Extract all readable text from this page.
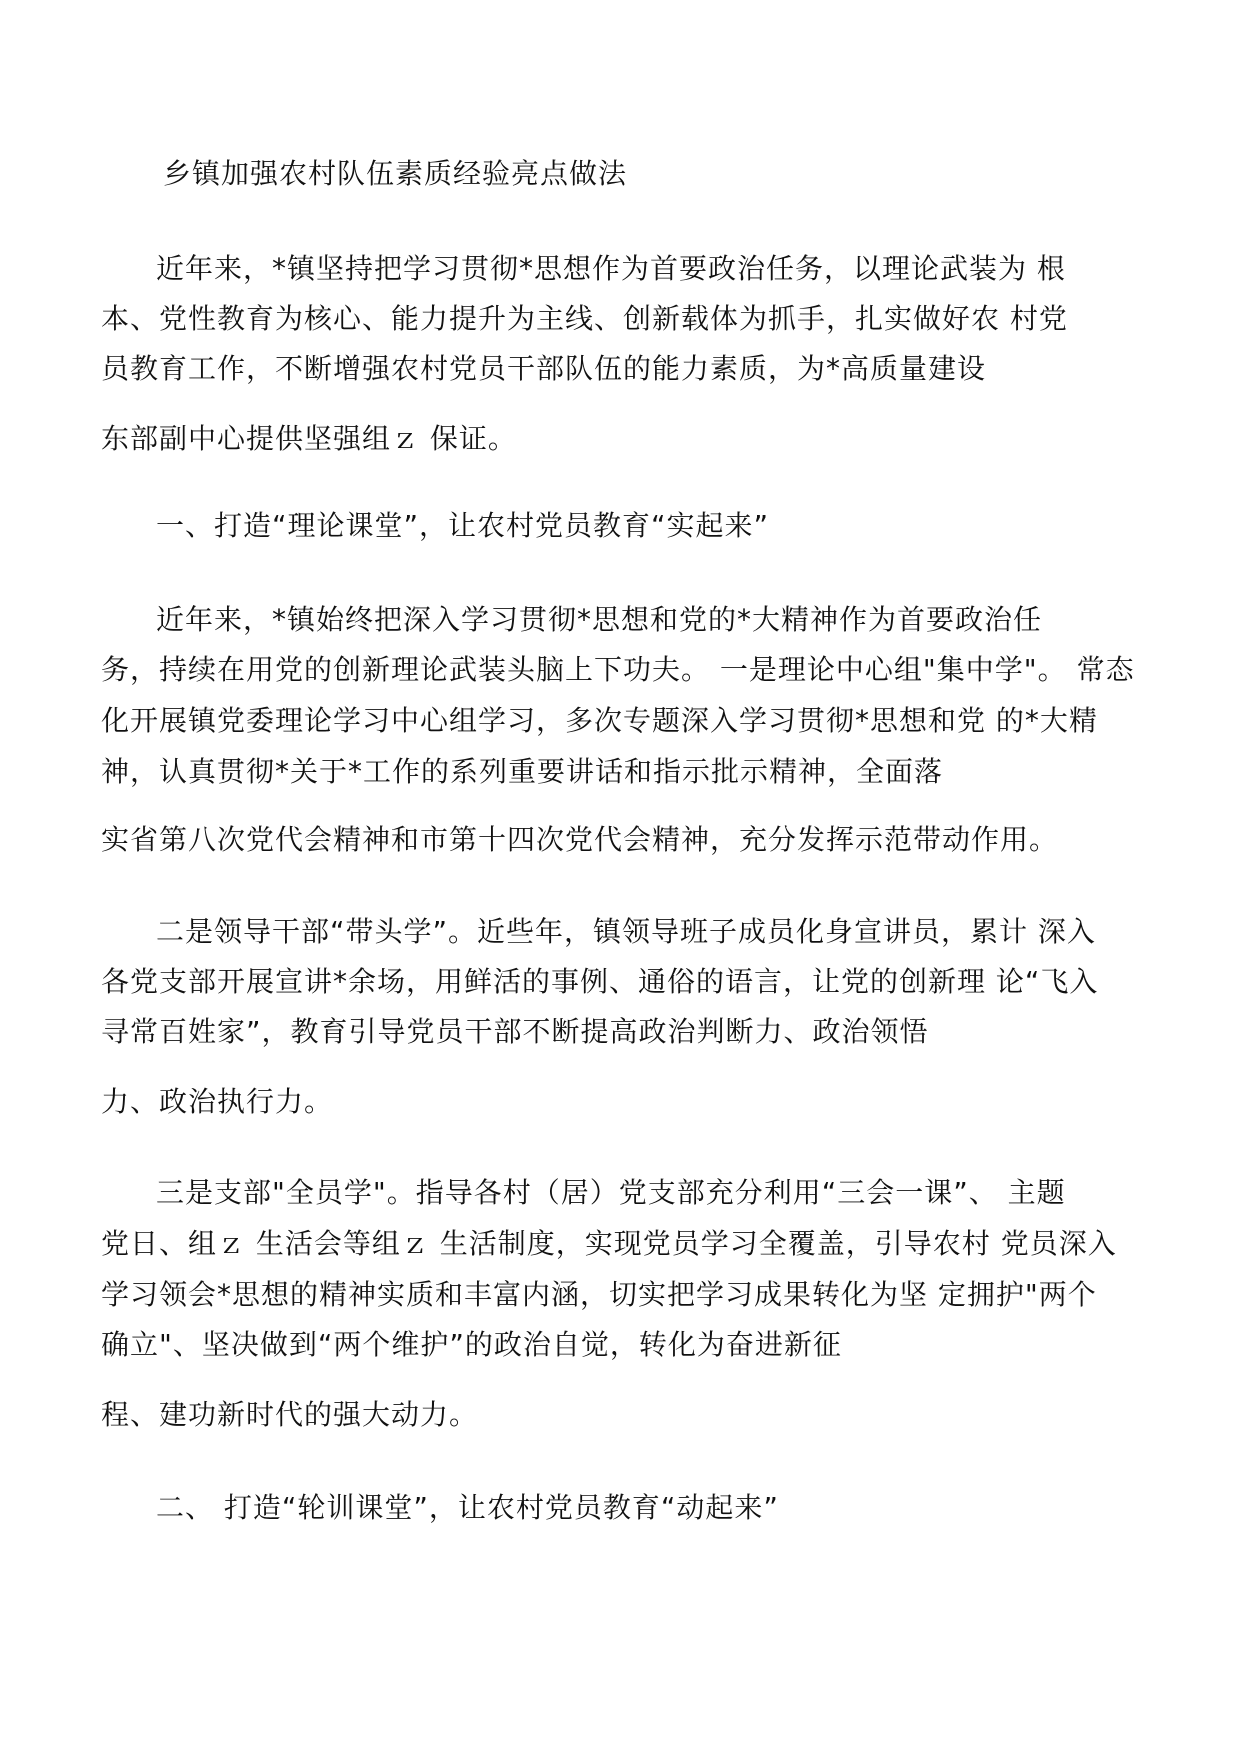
乡镇加强农村队伍素质经验亮点做法
近年来，*镇坚持把学习贯彻*思想作为首要政治任务，以理论武装为 根
本、党性教育为核心、能力提升为主线、创新载体为抓手，扎实做好农 村党
员教育工作，不断增强农村党员干部队伍的能力素质，为*高质量建设
东部副中心提供坚强组ｚ 保证。
一、打造“理论课堂”，让农村党员教育“实起来”
近年来，*镇始终把深入学习贯彻*思想和党的*大精神作为首要政治任
务，持续在用党的创新理论武装头脑上下功夫。 一是理论中心组"集中学"。 常态
化开展镇党委理论学习中心组学习，多次专题深入学习贯彻*思想和党 的*大精
神，认真贯彻*关于*工作的系列重要讲话和指示批示精神，全面落
实省第八次党代会精神和市第十四次党代会精神，充分发挥示范带动作用。
二是领导干部“带头学”。近些年，镇领导班子成员化身宣讲员，累计 深入
各党支部开展宣讲*余场，用鲜活的事例、通俗的语言，让党的创新理 论“飞入
寻常百姓家”，教育引导党员干部不断提高政治判断力、政治领悟
力、政治执行力。
三是支部"全员学"。指导各村（居）党支部充分利用“三会一课”、 主题
党日、组ｚ 生活会等组ｚ 生活制度，实现党员学习全覆盖，引导农村 党员深入
学习领会*思想的精神实质和丰富内涵，切实把学习成果转化为坚 定拥护"两个
确立"、坚决做到“两个维护”的政治自觉，转化为奋进新征
程、建功新时代的强大动力。
二、 打造“轮训课堂”，让农村党员教育“动起来”
